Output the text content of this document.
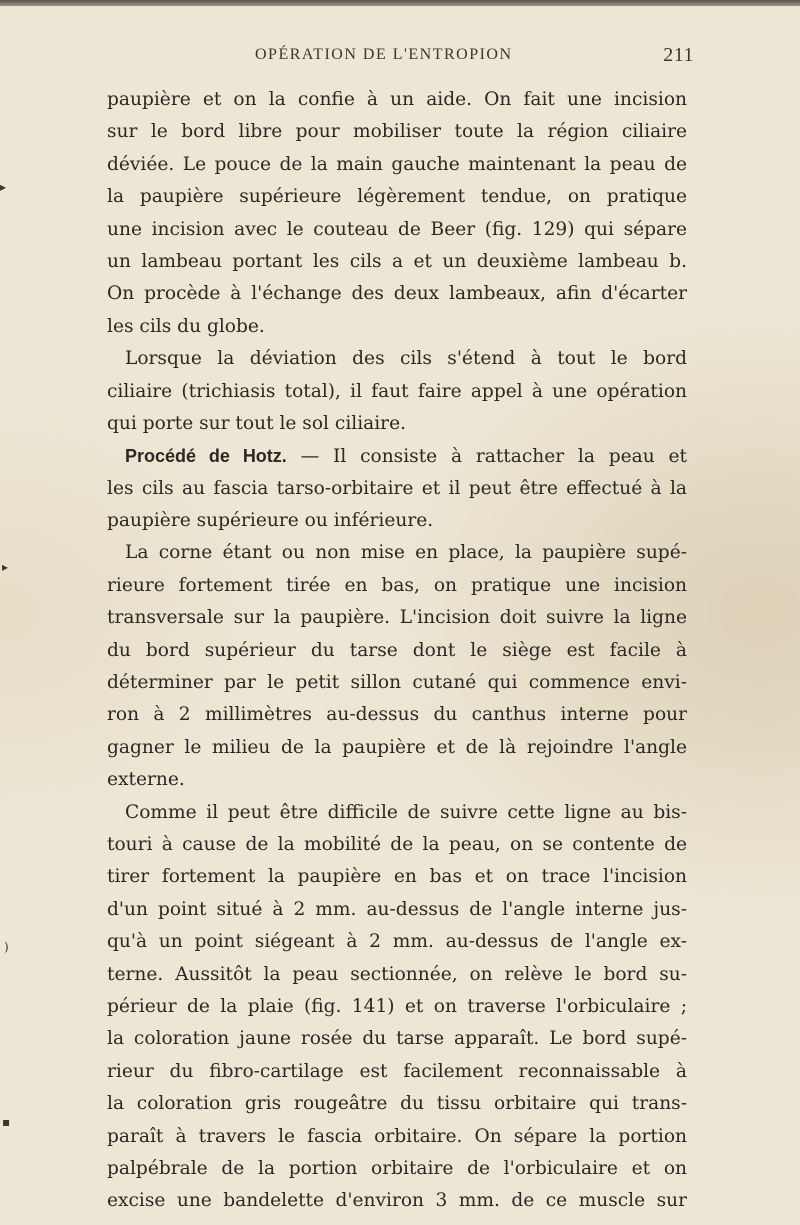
OPÉRATION DE L'ENTROPION	211
▸
▸
)
▪
paupière et on la confie à un aide. On fait une incision
sur le bord libre pour mobiliser toute la région ciliaire
déviée. Le pouce de la main gauche maintenant la peau de
la paupière supérieure légèrement tendue, on pratique
une incision avec le couteau de Beer (fig. 129) qui sépare
un lambeau portant les cils a et un deuxième lambeau b.
On procède à l'échange des deux lambeaux, afin d'écarter
les cils du globe.
Lorsque la déviation des cils s'étend à tout le bord
ciliaire (trichiasis total), il faut faire appel à une opération
qui porte sur tout le sol ciliaire.
Procédé de Hotz. — Il consiste à rattacher la peau et
les cils au fascia tarso-orbitaire et il peut être effectué à la
paupière supérieure ou inférieure.
La corne étant ou non mise en place, la paupière supé-
rieure fortement tirée en bas, on pratique une incision
transversale sur la paupière. L'incision doit suivre la ligne
du bord supérieur du tarse dont le siège est facile à
déterminer par le petit sillon cutané qui commence envi-
ron à 2 millimètres au-dessus du canthus interne pour
gagner le milieu de la paupière et de là rejoindre l'angle
externe.
Comme il peut être difficile de suivre cette ligne au bis-
touri à cause de la mobilité de la peau, on se contente de
tirer fortement la paupière en bas et on trace l'incision
d'un point situé à 2 mm. au-dessus de l'angle interne jus-
qu'à un point siégeant à 2 mm. au-dessus de l'angle ex-
terne. Aussitôt la peau sectionnée, on relève le bord su-
périeur de la plaie (fig. 141) et on traverse l'orbiculaire ;
la coloration jaune rosée du tarse apparaît. Le bord supé-
rieur du fibro-cartilage est facilement reconnaissable à
la coloration gris rougeâtre du tissu orbitaire qui trans-
paraît à travers le fascia orbitaire. On sépare la portion
palpébrale de la portion orbitaire de l'orbiculaire et on
excise une bandelette d'environ 3 mm. de ce muscle sur
